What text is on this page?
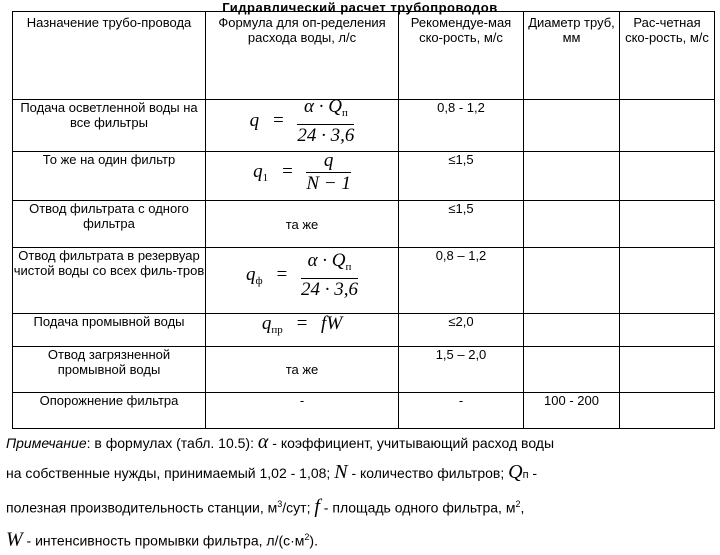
Гидравлический расчет трубопроводов
Назначение трубо-провода	Формула для оп-ределения расхода воды, л/с	Рекомендуе-мая ско-рость, м/с	Диаметр труб, мм	Рас-четная ско-рость, м/с
Подача осветленной воды на все фильтры	$q = \frac{\alpha \cdot Q_п}{24 \cdot 3,6}$	0,8 - 1,2		
То же на один фильтр	$q_1 = \frac{q}{N - 1}$	≤1,5		
Отвод фильтрата с одного фильтра	та же	≤1,5		
Отвод фильтрата в резервуар чистой воды со всех филь-тров	$q_ф = \frac{\alpha \cdot Q_п}{24 \cdot 3,6}$	0,8 – 1,2		
Подача промывной воды	$q_{пр}$ = fW	≤2,0		
Отвод загрязненной промывной воды	та же	1,5 – 2,0		
Опорожнение фильтра	-	-	100 - 200	
Примечание: в формулах (табл. 10.5): α - коэффициент, учитывающий расход воды
на собственные нужды, принимаемый 1,02 - 1,08; N - количество фильтров; Qп -
полезная производительность станции, $м^3$/сут; f - площадь одного фильтра, $м^2$,
W - интенсивность промывки фильтра, $л/(с\cdot м^2)$.
